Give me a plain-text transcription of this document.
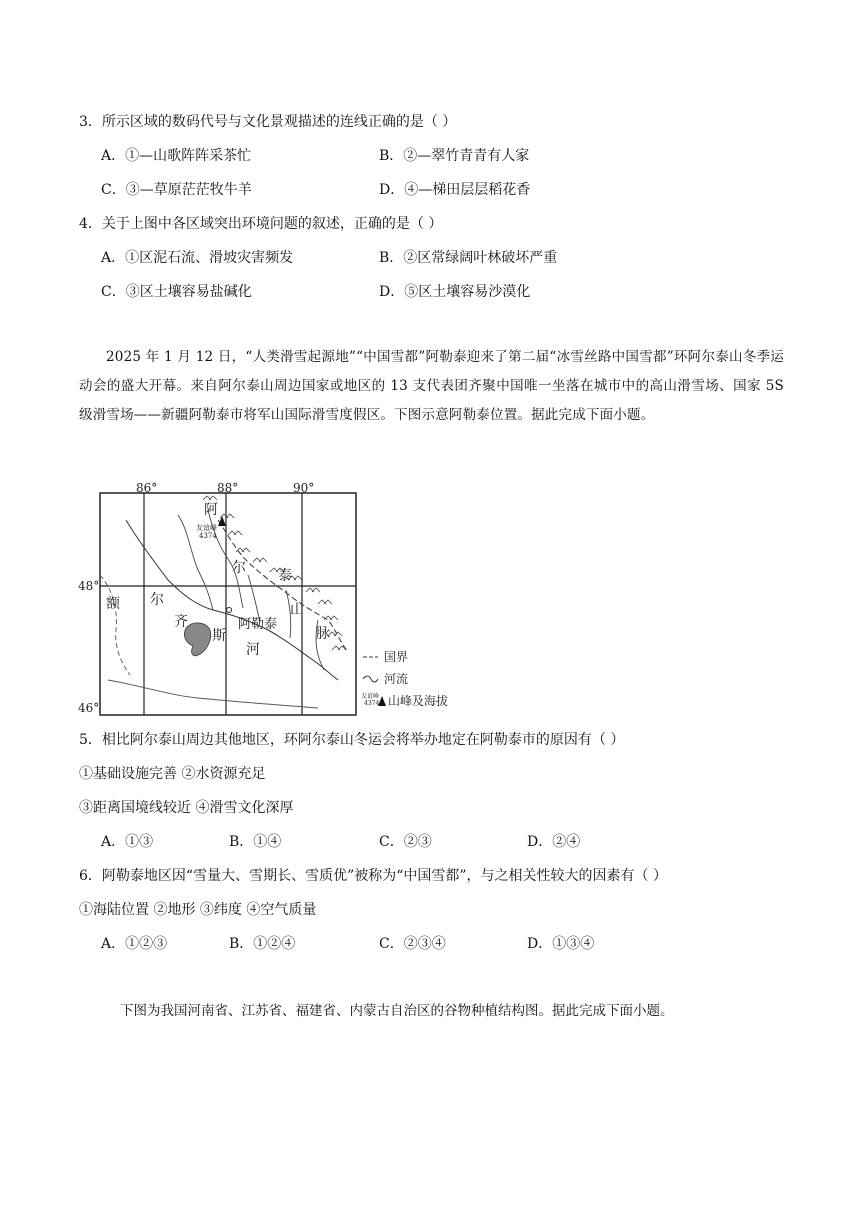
3．所示区域的数码代号与文化景观描述的连线正确的是（ ）
A．①—山歌阵阵采茶忙	B．②—翠竹青青有人家
C．③—草原茫茫牧牛羊	D．④—梯田层层稻花香
4．关于上图中各区域突出环境问题的叙述，正确的是（ ）
A．①区泥石流、滑坡灾害频发	B．②区常绿阔叶林破坏严重
C．③区土壤容易盐碱化	D．⑤区土壤容易沙漠化
2025 年 1 月 12 日，“人类滑雪起源地”“中国雪都”阿勒泰迎来了第二届“冰雪丝路中国雪都”环阿尔泰山冬季运动会的盛大开幕。来自阿尔泰山周边国家或地区的 13 支代表团齐聚中国唯一坐落在城市中的高山滑雪场、国家 5S 级滑雪场——新疆阿勒泰市将军山国际滑雪度假区。下图示意阿勒泰位置。据此完成下面小题。
86°	88°	90°
48°
46°
友谊峰
4374
阿
尔 泰
山
脉
额 尔
齐
斯
河
阿勒泰
国界
河流
友谊峰
4374 山峰及海拔
5．相比阿尔泰山周边其他地区，环阿尔泰山冬运会将举办地定在阿勒泰市的原因有（ ）
①基础设施完善 ②水资源充足
③距离国境线较近 ④滑雪文化深厚
A．①③	B．①④	C．②③	D．②④
6．阿勒泰地区因“雪量大、雪期长、雪质优”被称为“中国雪都”，与之相关性较大的因素有（ ）
①海陆位置 ②地形 ③纬度 ④空气质量
A．①②③	B．①②④	C．②③④	D．①③④
下图为我国河南省、江苏省、福建省、内蒙古自治区的谷物种植结构图。据此完成下面小题。
